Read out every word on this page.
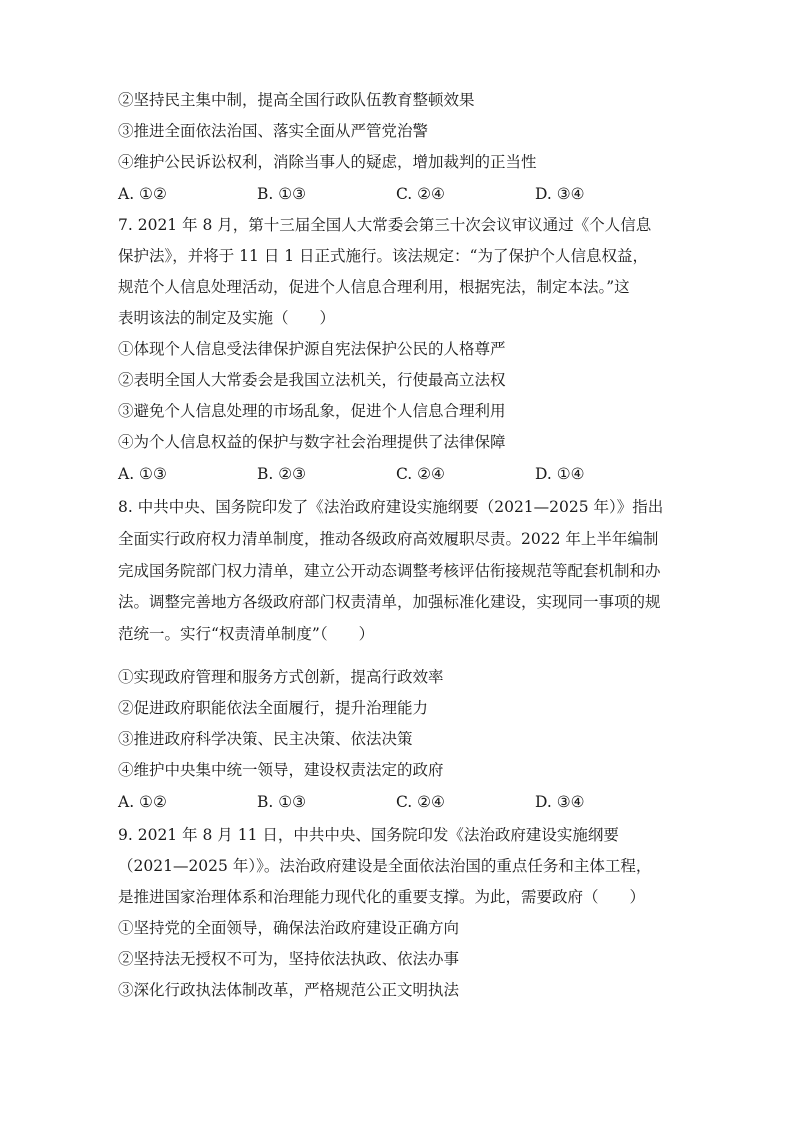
②坚持民主集中制，提高全国行政队伍教育整顿效果
③推进全面依法治国、落实全面从严管党治警
④维护公民诉讼权利，消除当事人的疑虑，增加裁判的正当性
A. ①②	B. ①③	C. ②④	D. ③④
7. 2021 年 8 月，第十三届全国人大常委会第三十次会议审议通过《个人信息
保护法》，并将于 11 日 1 日正式施行。该法规定：“为了保护个人信息权益，
规范个人信息处理活动，促进个人信息合理利用，根据宪法，制定本法。”这
表明该法的制定及实施（　　）
①体现个人信息受法律保护源自宪法保护公民的人格尊严
②表明全国人大常委会是我国立法机关，行使最高立法权
③避免个人信息处理的市场乱象，促进个人信息合理利用
④为个人信息权益的保护与数字社会治理提供了法律保障
A. ①③	B. ②③	C. ②④	D. ①④
8. 中共中央、国务院印发了《法治政府建设实施纲要（2021—2025 年）》指出
全面实行政府权力清单制度，推动各级政府高效履职尽责。2022 年上半年编制
完成国务院部门权力清单，建立公开动态调整考核评估衔接规范等配套机制和办
法。调整完善地方各级政府部门权责清单，加强标准化建设，实现同一事项的规
范统一。实行“权责清单制度”（　　）
①实现政府管理和服务方式创新，提高行政效率
②促进政府职能依法全面履行，提升治理能力
③推进政府科学决策、民主决策、依法决策
④维护中央集中统一领导，建设权责法定的政府
A. ①②	B. ①③	C. ②④	D. ③④
9. 2021 年 8 月 11 日，中共中央、国务院印发《法治政府建设实施纲要
（2021—2025 年）》。法治政府建设是全面依法治国的重点任务和主体工程，
是推进国家治理体系和治理能力现代化的重要支撑。为此，需要政府（　　）
①坚持党的全面领导，确保法治政府建设正确方向
②坚持法无授权不可为，坚持依法执政、依法办事
③深化行政执法体制改革，严格规范公正文明执法
